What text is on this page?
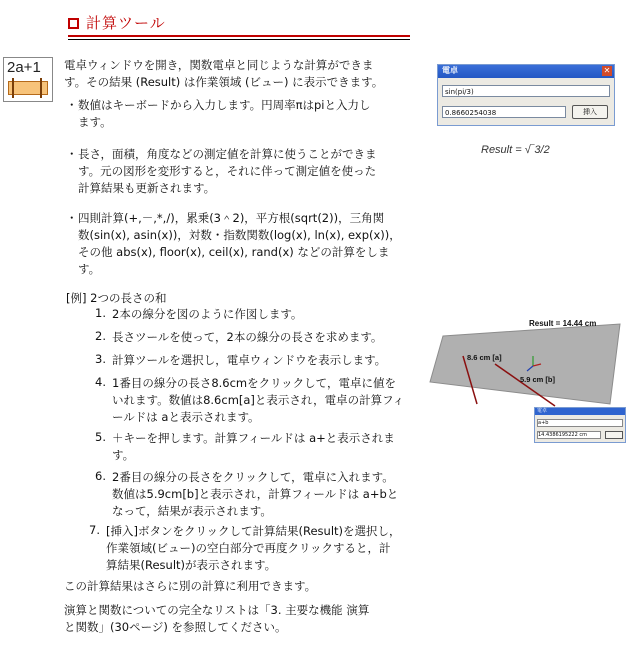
計算ツール
2a+1 電卓ウィンドウを開き，関数電卓と同じような計算ができま
す。その結果 (Result) は作業領域 (ビュー) に表示できます。
・ 数値はキーボードから入力します。円周率πはpiと入力し
ます。
・ 長さ，面積，角度などの測定値を計算に使うことができま
す。元の図形を変形すると，それに伴って測定値を使った
計算結果も更新されます。
・ 四則計算(+,－,*,/)，累乗(3＾2)，平方根(sqrt(2))，三角関
数(sin(x), asin(x))，対数・指数関数(log(x), ln(x), exp(x))，
その他 abs(x), floor(x), ceil(x), rand(x) などの計算をしま
す。
[例] 2つの長さの和
1. 2本の線分を図のように作図します。
2. 長さツールを使って，2本の線分の長さを求めます。
3. 計算ツールを選択し，電卓ウィンドウを表示します。
4. 1番目の線分の長さ8.6cmをクリックして，電卓に値を
いれます。数値は8.6cm[a]と表示され，電卓の計算フィ
ールドは aと表示されます。
5. ＋キーを押します。計算フィールドは a+と表示されま
す。
6. 2番目の線分の長さをクリックして，電卓に入れます。
数値は5.9cm[b]と表示され，計算フィールドは a+bと
なって，結果が表示されます。
7. [挿入]ボタンをクリックして計算結果(Result)を選択し，
作業領域(ビュー)の空白部分で再度クリックすると，計
算結果(Result)が表示されます。
この計算結果はさらに別の計算に利用できます。
演算と関数についての完全なリストは「3. 主要な機能 演算
と関数」(30ページ) を参照してください。
電卓	✕
sin(pi/3)
0.8660254038	挿入
Result = √‾3/2
Result = 14.44 cm
8.6 cm [a]
5.9 cm [b]
電卓
a+b
14.4386195222 cm
